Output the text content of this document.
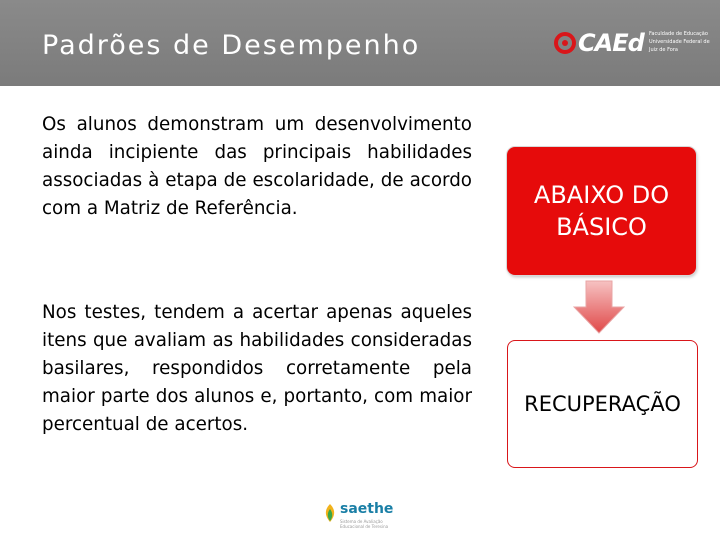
Padrões de Desempenho	CAEd Faculdade de Educação Universidade Federal de Juiz de Fora
Os alunos demonstram um desenvolvimento ainda incipiente das principais habilidades associadas à etapa de escolaridade, de acordo com a Matriz de Referência.
Nos testes, tendem a acertar apenas aqueles itens que avaliam as habilidades consideradas basilares, respondidos corretamente pela maior parte dos alunos e, portanto, com maior percentual de acertos.
ABAIXO DO BÁSICO
RECUPERAÇÃO
saethe
Sistema de Avaliação Educacional de Teresina
